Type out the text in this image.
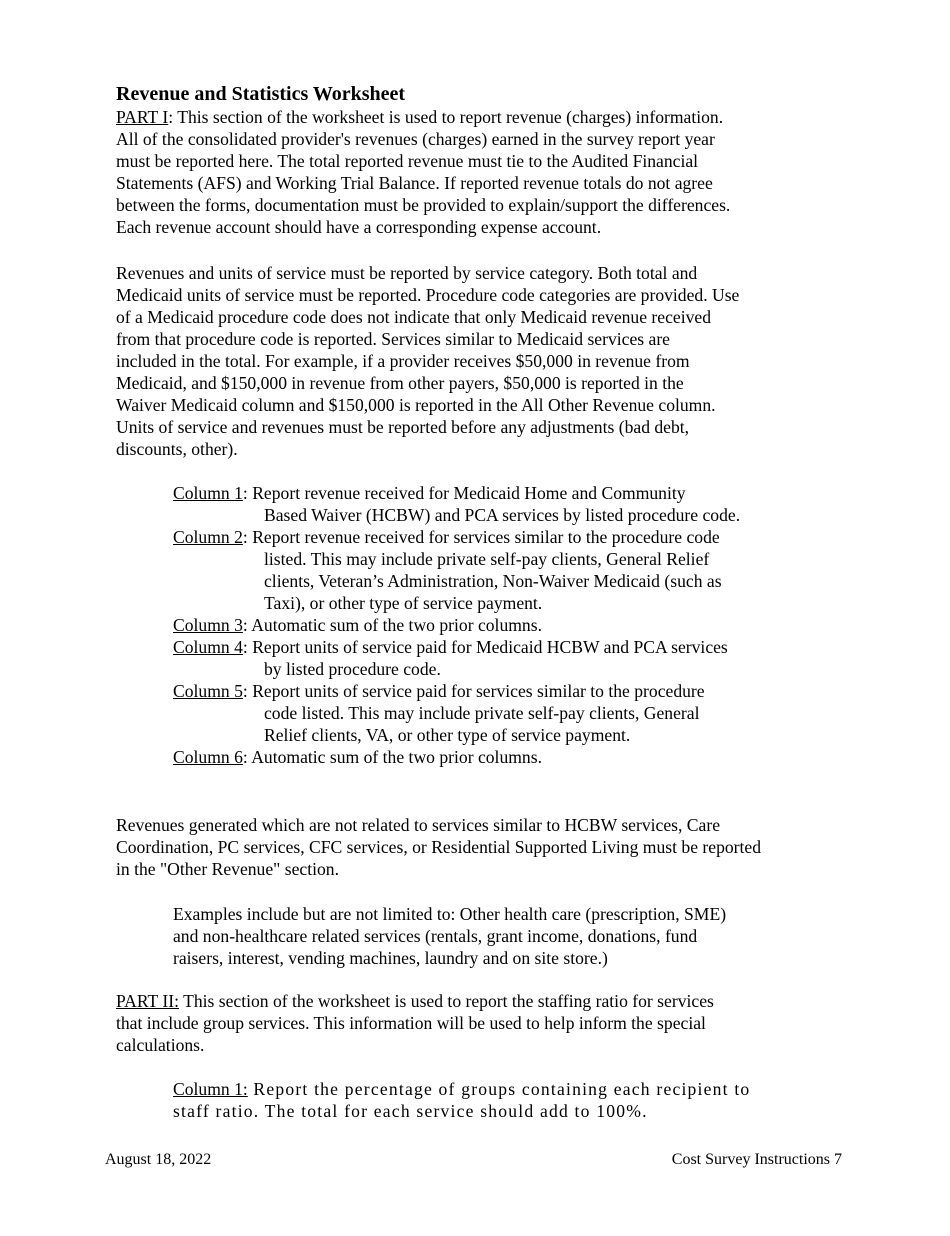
Revenue and Statistics Worksheet

PART I: This section of the worksheet is used to report revenue (charges) information.
All of the consolidated provider's revenues (charges) earned in the survey report year
must be reported here. The total reported revenue must tie to the Audited Financial
Statements (AFS) and Working Trial Balance. If reported revenue totals do not agree
between the forms, documentation must be provided to explain/support the differences.
Each revenue account should have a corresponding expense account.

Revenues and units of service must be reported by service category. Both total and
Medicaid units of service must be reported. Procedure code categories are provided. Use
of a Medicaid procedure code does not indicate that only Medicaid revenue received
from that procedure code is reported. Services similar to Medicaid services are
included in the total. For example, if a provider receives $50,000 in revenue from
Medicaid, and $150,000 in revenue from other payers, $50,000 is reported in the
Waiver Medicaid column and $150,000 is reported in the All Other Revenue column.
Units of service and revenues must be reported before any adjustments (bad debt,
discounts, other).

Column 1: Report revenue received for Medicaid Home and Community
Based Waiver (HCBW) and PCA services by listed procedure code.
Column 2: Report revenue received for services similar to the procedure code
listed. This may include private self-pay clients, General Relief
clients, Veteran’s Administration, Non-Waiver Medicaid (such as
Taxi), or other type of service payment.
Column 3: Automatic sum of the two prior columns.
Column 4: Report units of service paid for Medicaid HCBW and PCA services
by listed procedure code.
Column 5: Report units of service paid for services similar to the procedure
code listed. This may include private self-pay clients, General
Relief clients, VA, or other type of service payment.
Column 6: Automatic sum of the two prior columns.

Revenues generated which are not related to services similar to HCBW services, Care
Coordination, PC services, CFC services, or Residential Supported Living must be reported
in the "Other Revenue" section.

Examples include but are not limited to: Other health care (prescription, SME)
and non-healthcare related services (rentals, grant income, donations, fund
raisers, interest, vending machines, laundry and on site store.)

PART II: This section of the worksheet is used to report the staffing ratio for services
that include group services. This information will be used to help inform the special
calculations.

Column 1: Report the percentage of groups containing each recipient to
staff ratio. The total for each service should add to 100%.

August 18, 2022	Cost Survey Instructions 7
